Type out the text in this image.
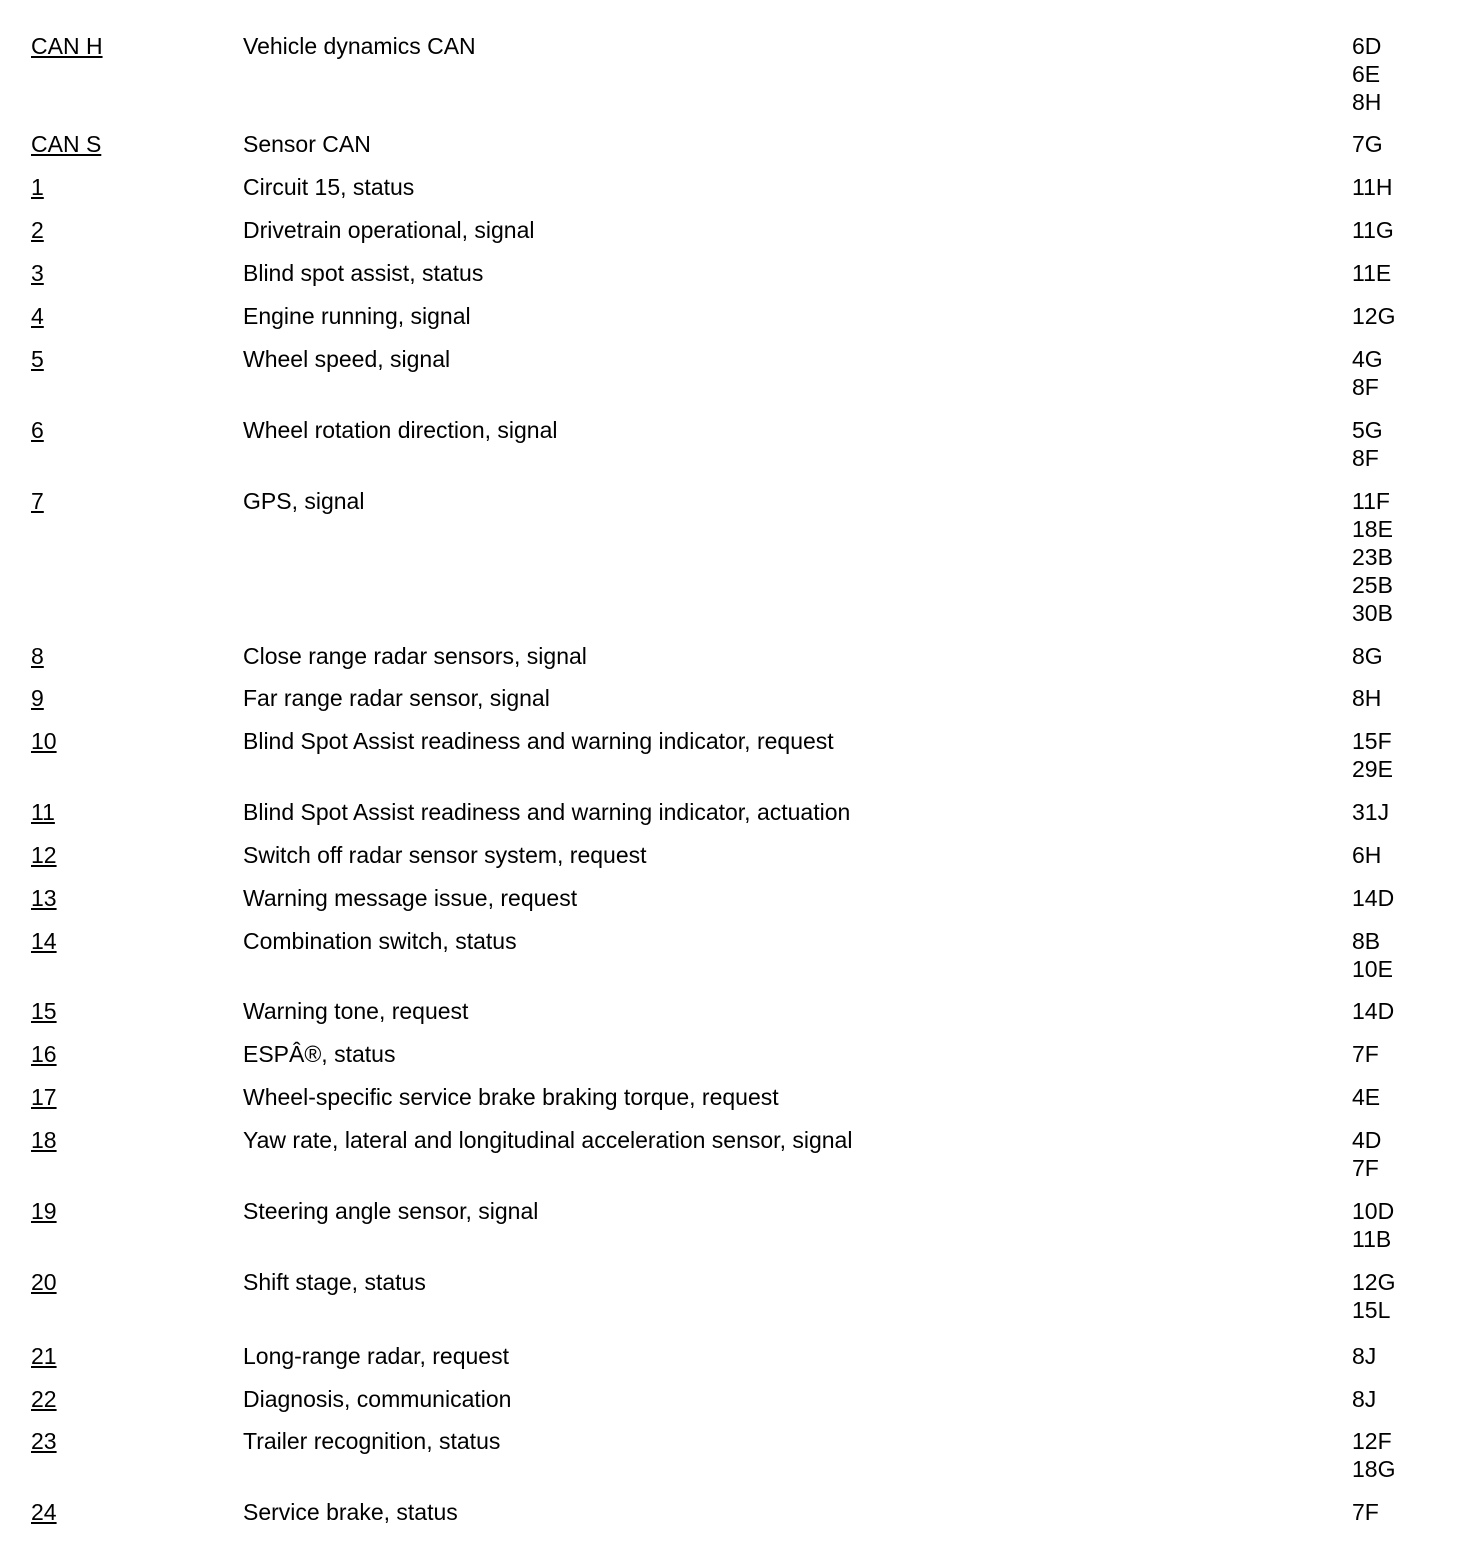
CAN H	Vehicle dynamics CAN	6D
6E
8H
CAN S	Sensor CAN	7G
1	Circuit 15, status	11H
2	Drivetrain operational, signal	11G
3	Blind spot assist, status	11E
4	Engine running, signal	12G
5	Wheel speed, signal	4G
8F
6	Wheel rotation direction, signal	5G
8F
7	GPS, signal	11F
18E
23B
25B
30B
8	Close range radar sensors, signal	8G
9	Far range radar sensor, signal	8H
10	Blind Spot Assist readiness and warning indicator, request	15F
29E
11	Blind Spot Assist readiness and warning indicator, actuation	31J
12	Switch off radar sensor system, request	6H
13	Warning message issue, request	14D
14	Combination switch, status	8B
10E
15	Warning tone, request	14D
16	ESPÂ®, status	7F
17	Wheel-specific service brake braking torque, request	4E
18	Yaw rate, lateral and longitudinal acceleration sensor, signal	4D
7F
19	Steering angle sensor, signal	10D
11B
20	Shift stage, status	12G
15L
21	Long-range radar, request	8J
22	Diagnosis, communication	8J
23	Trailer recognition, status	12F
18G
24	Service brake, status	7F
